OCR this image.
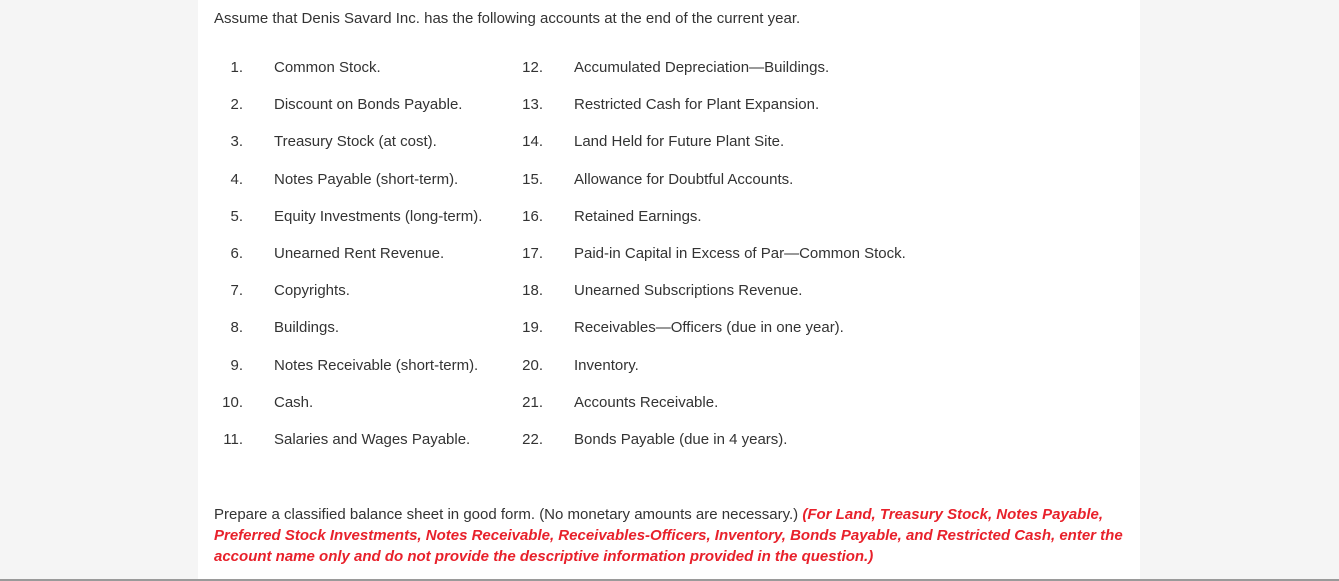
Assume that Denis Savard Inc. has the following accounts at the end of the current year.
1. Common Stock.	12. Accumulated Depreciation—Buildings.
2. Discount on Bonds Payable.	13. Restricted Cash for Plant Expansion.
3. Treasury Stock (at cost).	14. Land Held for Future Plant Site.
4. Notes Payable (short-term).	15. Allowance for Doubtful Accounts.
5. Equity Investments (long-term).	16. Retained Earnings.
6. Unearned Rent Revenue.	17. Paid-in Capital in Excess of Par—Common Stock.
7. Copyrights.	18. Unearned Subscriptions Revenue.
8. Buildings.	19. Receivables—Officers (due in one year).
9. Notes Receivable (short-term).	20. Inventory.
10. Cash.	21. Accounts Receivable.
11. Salaries and Wages Payable.	22. Bonds Payable (due in 4 years).
Prepare a classified balance sheet in good form. (No monetary amounts are necessary.) (For Land, Treasury Stock, Notes Payable, Preferred Stock Investments, Notes Receivable, Receivables-Officers, Inventory, Bonds Payable, and Restricted Cash, enter the account name only and do not provide the descriptive information provided in the question.)
